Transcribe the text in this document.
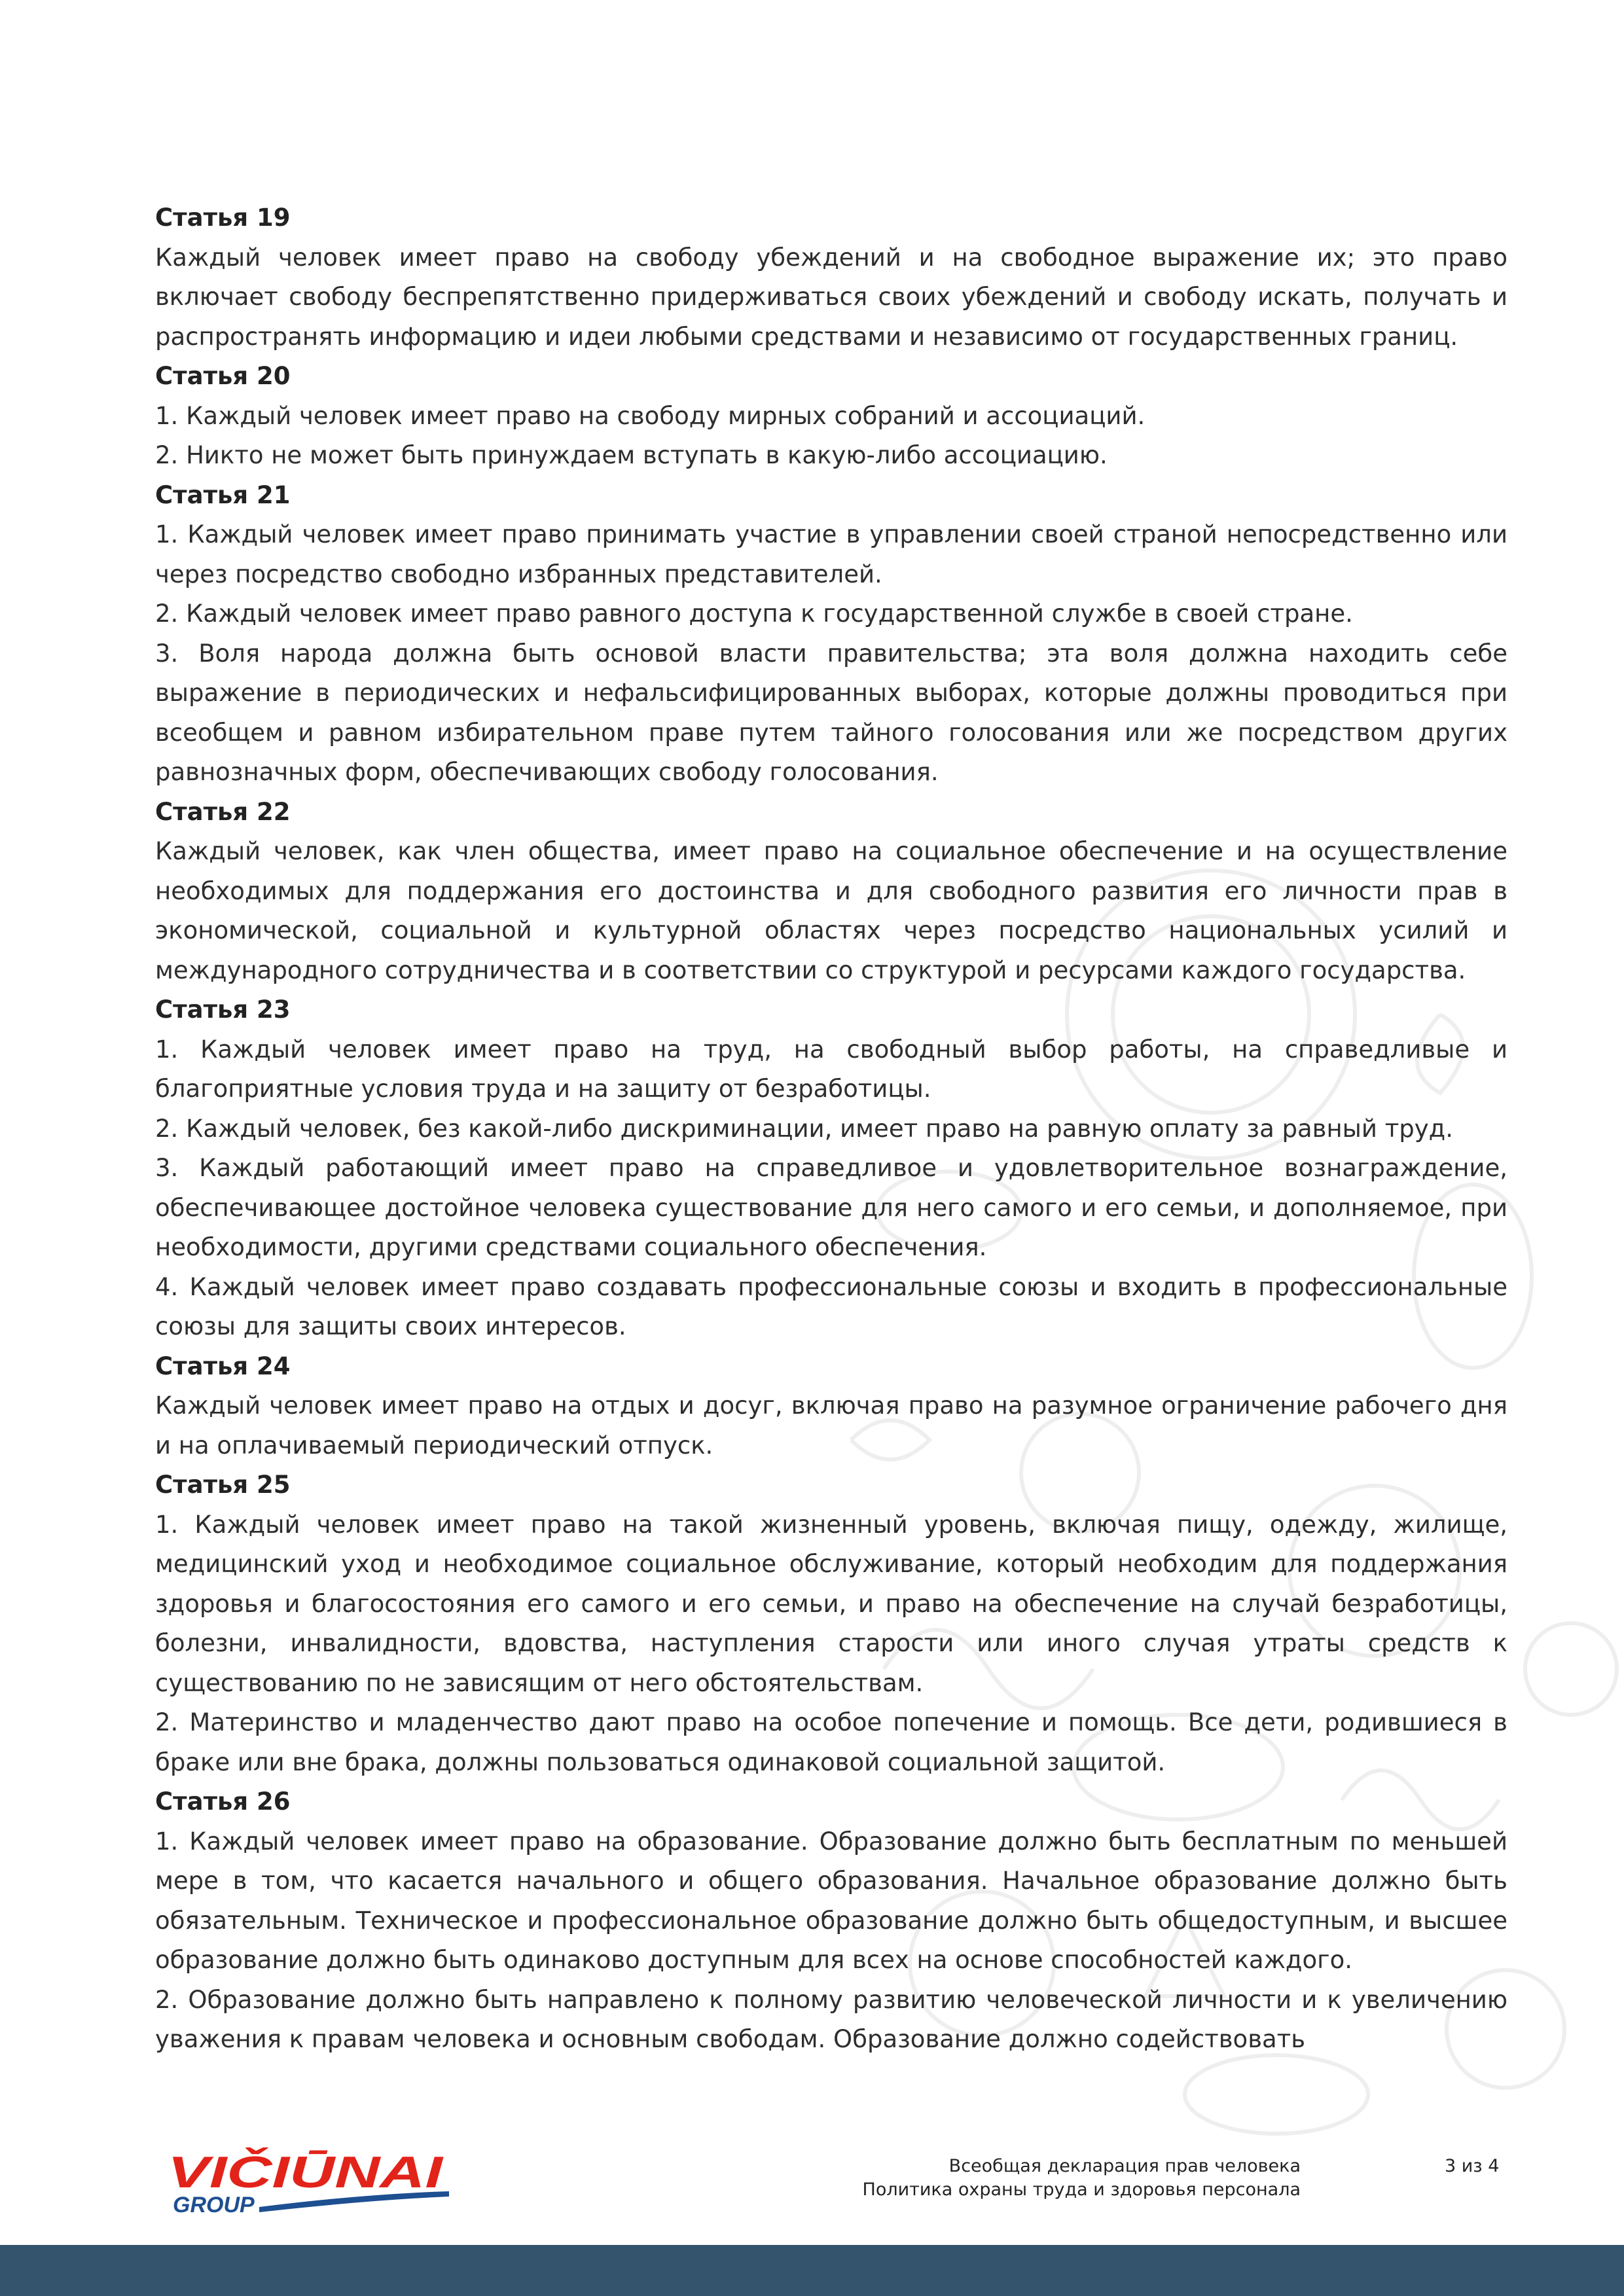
Статья 19
Каждый человек имеет право на свободу убеждений и на свободное выражение их; это право включает свободу беспрепятственно придерживаться своих убеждений и свободу искать, получать и распространять информацию и идеи любыми средствами и независимо от государственных границ.
Статья 20
1. Каждый человек имеет право на свободу мирных собраний и ассоциаций.
2. Никто не может быть принуждаем вступать в какую-либо ассоциацию.
Статья 21
1. Каждый человек имеет право принимать участие в управлении своей страной непосредственно или через посредство свободно избранных представителей.
2. Каждый человек имеет право равного доступа к государственной службе в своей стране.
3. Воля народа должна быть основой власти правительства; эта воля должна находить себе выражение в периодических и нефальсифицированных выборах, которые должны проводиться при всеобщем и равном избирательном праве путем тайного голосования или же посредством других равнозначных форм, обеспечивающих свободу голосования.
Статья 22
Каждый человек, как член общества, имеет право на социальное обеспечение и на осуществление необходимых для поддержания его достоинства и для свободного развития его личности прав в экономической, социальной и культурной областях через посредство национальных усилий и международного сотрудничества и в соответствии со структурой и ресурсами каждого государства.
Статья 23
1. Каждый человек имеет право на труд, на свободный выбор работы, на справедливые и благоприятные условия труда и на защиту от безработицы.
2. Каждый человек, без какой-либо дискриминации, имеет право на равную оплату за равный труд.
3. Каждый работающий имеет право на справедливое и удовлетворительное вознаграждение, обеспечивающее достойное человека существование для него самого и его семьи, и дополняемое, при необходимости, другими средствами социального обеспечения.
4. Каждый человек имеет право создавать профессиональные союзы и входить в профессиональные союзы для защиты своих интересов.
Статья 24
Каждый человек имеет право на отдых и досуг, включая право на разумное ограничение рабочего дня и на оплачиваемый периодический отпуск.
Статья 25
1. Каждый человек имеет право на такой жизненный уровень, включая пищу, одежду, жилище, медицинский уход и необходимое социальное обслуживание, который необходим для поддержания здоровья и благосостояния его самого и его семьи, и право на обеспечение на случай безработицы, болезни, инвалидности, вдовства, наступления старости или иного случая утраты средств к существованию по не зависящим от него обстоятельствам.
2. Материнство и младенчество дают право на особое попечение и помощь. Все дети, родившиеся в браке или вне брака, должны пользоваться одинаковой социальной защитой.
Статья 26
1. Каждый человек имеет право на образование. Образование должно быть бесплатным по меньшей мере в том, что касается начального и общего образования. Начальное образование должно быть обязательным. Техническое и профессиональное образование должно быть общедоступным, и высшее образование должно быть одинаково доступным для всех на основе способностей каждого.
2. Образование должно быть направлено к полному развитию человеческой личности и к увеличению уважения к правам человека и основным свободам. Образование должно содействовать
VIČIŪNAI
GROUP
Всеобщая декларация прав человека
Политика охраны труда и здоровья персонала
3 из 4
